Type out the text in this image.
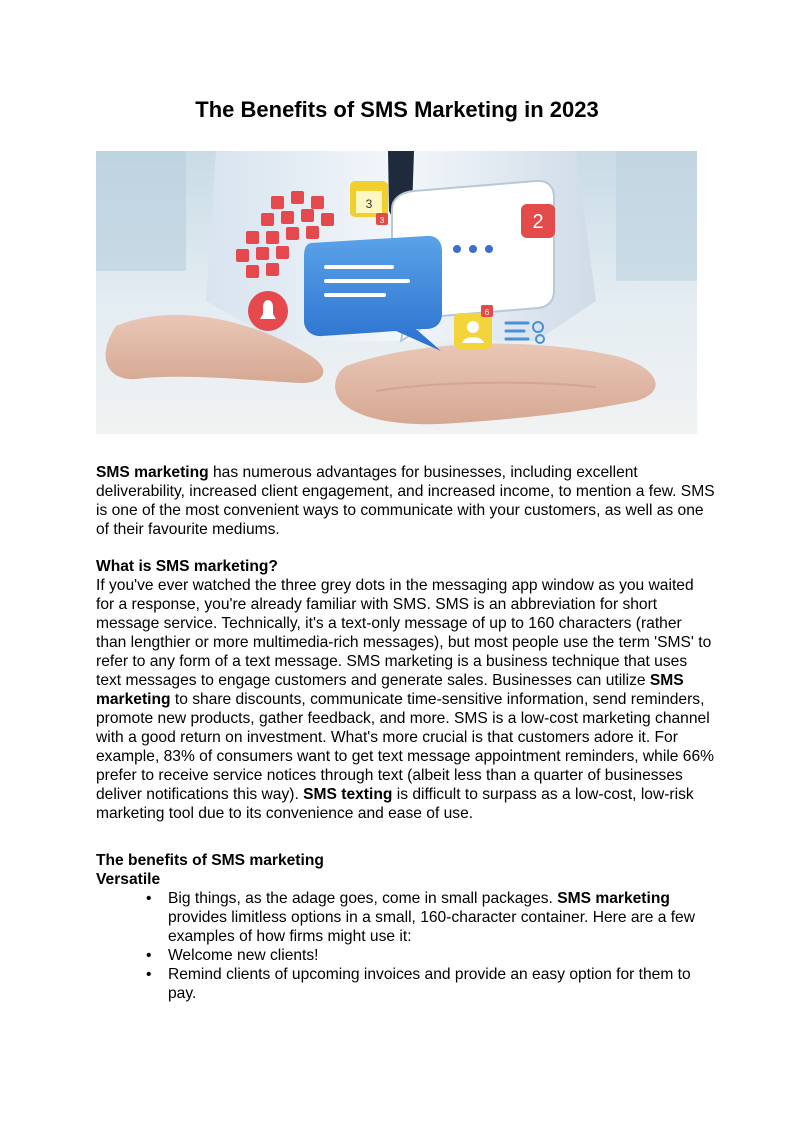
The Benefits of SMS Marketing in 2023
2
3
3
6

SMS marketing has numerous advantages for businesses, including excellent deliverability, increased client engagement, and increased income, to mention a few. SMS is one of the most convenient ways to communicate with your customers, as well as one of their favourite mediums.

What is SMS marketing?

If you've ever watched the three grey dots in the messaging app window as you waited for a response, you're already familiar with SMS. SMS is an abbreviation for short message service. Technically, it's a text-only message of up to 160 characters (rather than lengthier or more multimedia-rich messages), but most people use the term 'SMS' to refer to any form of a text message. SMS marketing is a business technique that uses text messages to engage customers and generate sales. Businesses can utilize SMS marketing to share discounts, communicate time-sensitive information, send reminders, promote new products, gather feedback, and more. SMS is a low-cost marketing channel with a good return on investment. What's more crucial is that customers adore it. For example, 83% of consumers want to get text message appointment reminders, while 66% prefer to receive service notices through text (albeit less than a quarter of businesses deliver notifications this way). SMS texting is difficult to surpass as a low-cost, low-risk marketing tool due to its convenience and ease of use.

The benefits of SMS marketing

Versatile

• Big things, as the adage goes, come in small packages. SMS marketing provides limitless options in a small, 160-character container. Here are a few examples of how firms might use it:
• Welcome new clients!
• Remind clients of upcoming invoices and provide an easy option for them to pay.
